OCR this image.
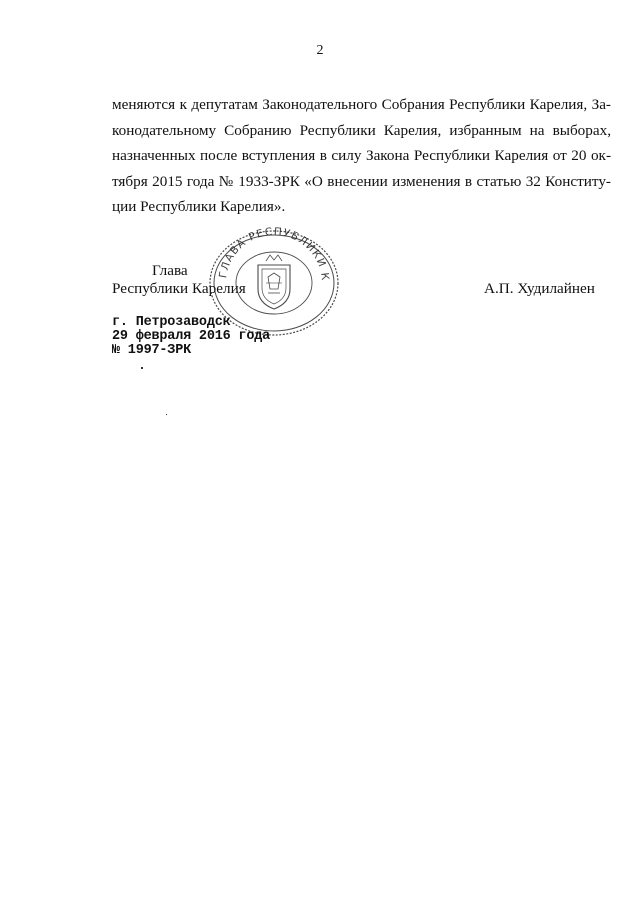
2
меняются к депутатам Законодательного Собрания Республики Карелия, За-
конодательному Собранию Республики Карелия, избранным на выборах,
назначенных после вступления в силу Закона Республики Карелия от 20 ок-
тября 2015 года № 1933-ЗРК «О внесении изменения в статью 32 Конститу-
ции Республики Карелия».
Глава
Республики Карелия	А.П. Худилайнен
ГЛАВА РЕСПУБЛИКИ К
г. Петрозаводск
29 февраля 2016 года
№ 1997-ЗРК
